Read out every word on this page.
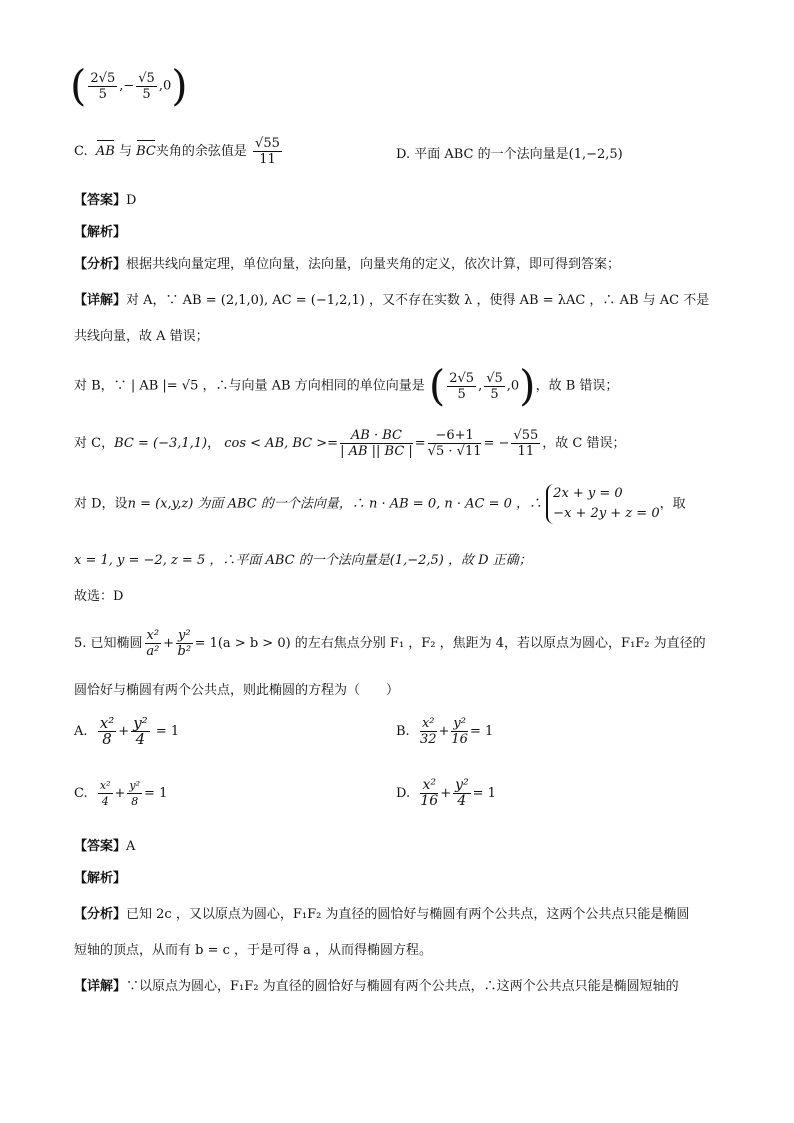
( $\frac{2√5}{5}$ ,− $\frac{√5}{5} ,0$)
C. AB 与 BC夹角的余弦值是 $\frac{√55}{11}$	D. 平面 ABC 的一个法向量是(1,−2,5)
【答案】D
【解析】
【分析】根据共线向量定理，单位向量，法向量，向量夹角的定义，依次计算，即可得到答案；
【详解】对 A，∵ AB = (2,1,0), AC = (−1,2,1) ，又不存在实数 λ ，使得 AB = λAC ，∴ AB 与 AC 不是
共线向量，故 A 错误；
对 B，∵ | AB |= √5 ，∴与向量 AB 方向相同的单位向量是 ( $\frac{2√5}{5}$ , $\frac{√5}{5} ,0$)，故 B 错误；
对 C，BC = (−3,1,1)， cos < AB, BC >= $\frac{AB \cdot BC}{| AB || BC |} = \frac{-6+1}{√5 \cdot √11}$ = − $\frac{√55}{11}$ ，故 C 错误；
对 D，设n = (x,y,z) 为面 ABC 的一个法向量，∴ n · AB = 0, n · AC = 0 ，∴
2x + y = 0
−x + 2y + z = 0
，取
x = 1, y = −2, z = 5 ，∴平面 ABC 的一个法向量是(1,−2,5) ，故 D 正确；
故选：D
5. 已知椭圆 $\frac{\text{x²}}{\text{a²}} + \frac{\text{y²}}{\text{b²}} = 1(a > b > 0)$ 的左右焦点分别 F₁ ，F₂ ，焦距为 4，若以原点为圆心，F₁F₂ 为直径的
圆恰好与椭圆有两个公共点，则此椭圆的方程为（　　）
A. $\frac{\text{x²}}{8} + \frac{\text{y²}}{4} = 1$	B. $\frac{\text{x²}}{32} + \frac{\text{y²}}{16} = 1$
C. $\frac{\text{x²}}{4} + \frac{\text{y²}}{8} = 1$	D. $\frac{\text{x²}}{16} + \frac{\text{y²}}{4} = 1$
【答案】A
【解析】
【分析】已知 2c ，又以原点为圆心，F₁F₂ 为直径的圆恰好与椭圆有两个公共点，这两个公共点只能是椭圆
短轴的顶点，从而有 b = c ，于是可得 a ，从而得椭圆方程。
【详解】∵以原点为圆心，F₁F₂ 为直径的圆恰好与椭圆有两个公共点，∴这两个公共点只能是椭圆短轴的
